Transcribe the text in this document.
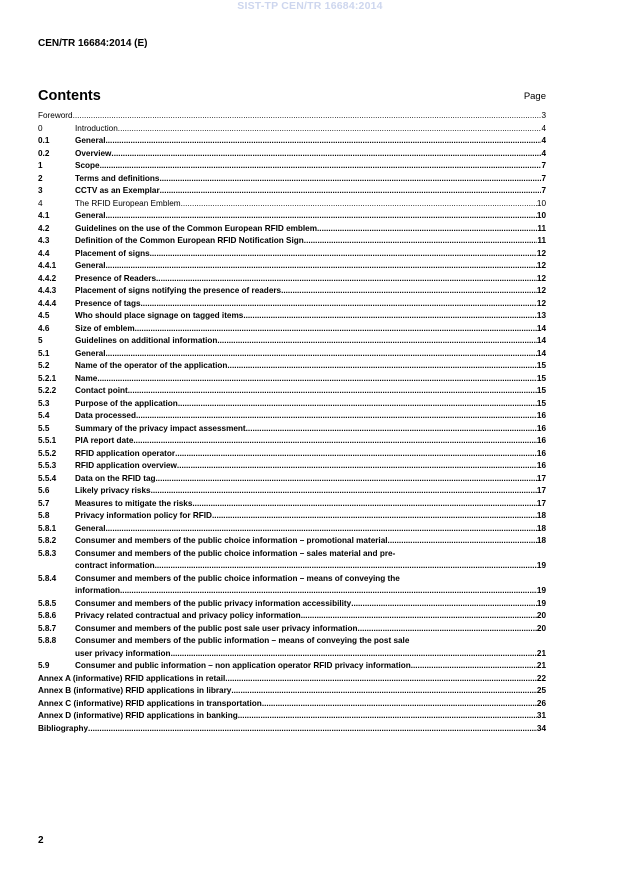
SIST-TP CEN/TR 16684:2014
CEN/TR 16684:2014 (E)
Contents	Page
Foreword .....	3
0	Introduction .....	4
0.1	General .....	4
0.2	Overview .....	4
1	Scope .....	7
2	Terms and definitions .....	7
3	CCTV as an Exemplar .....	7
4	The RFID European Emblem .....	10
4.1	General .....	10
4.2	Guidelines on the use of the Common European RFID emblem .....	11
4.3	Definition of the Common European RFID Notification Sign .....	11
4.4	Placement of signs .....	12
4.4.1	General .....	12
4.4.2	Presence of Readers .....	12
4.4.3	Placement of signs notifying the presence of readers .....	12
4.4.4	Presence of tags .....	12
4.5	Who should place signage on tagged items .....	13
4.6	Size of emblem .....	14
5	Guidelines on additional information .....	14
5.1	General .....	14
5.2	Name of the operator of the application .....	15
5.2.1	Name .....	15
5.2.2	Contact point .....	15
5.3	Purpose of the application .....	15
5.4	Data processed .....	16
5.5	Summary of the privacy impact assessment .....	16
5.5.1	PIA report date .....	16
5.5.2	RFID application operator .....	16
5.5.3	RFID application overview .....	16
5.5.4	Data on the RFID tag .....	17
5.6	Likely privacy risks .....	17
5.7	Measures to mitigate the risks .....	17
5.8	Privacy information policy for RFID .....	18
5.8.1	General .....	18
5.8.2	Consumer and members of the public choice information – promotional material .....	18
5.8.3	Consumer and members of the public choice information – sales material and pre-
contract information .....	19
5.8.4	Consumer and members of the public choice information – means of conveying the
information .....	19
5.8.5	Consumer and members of the public privacy information accessibility .....	19
5.8.6	Privacy related contractual and privacy policy information .....	20
5.8.7	Consumer and members of the public post sale user privacy information .....	20
5.8.8	Consumer and members of the public information – means of conveying the post sale
user privacy information .....	21
5.9	Consumer and public information – non application operator RFID privacy information .....	21
Annex A (informative) RFID applications in retail .....	22
Annex B (informative) RFID applications in library .....	25
Annex C (informative) RFID applications in transportation .....	26
Annex D (informative) RFID applications in banking .....	31
Bibliography .....	34
2
